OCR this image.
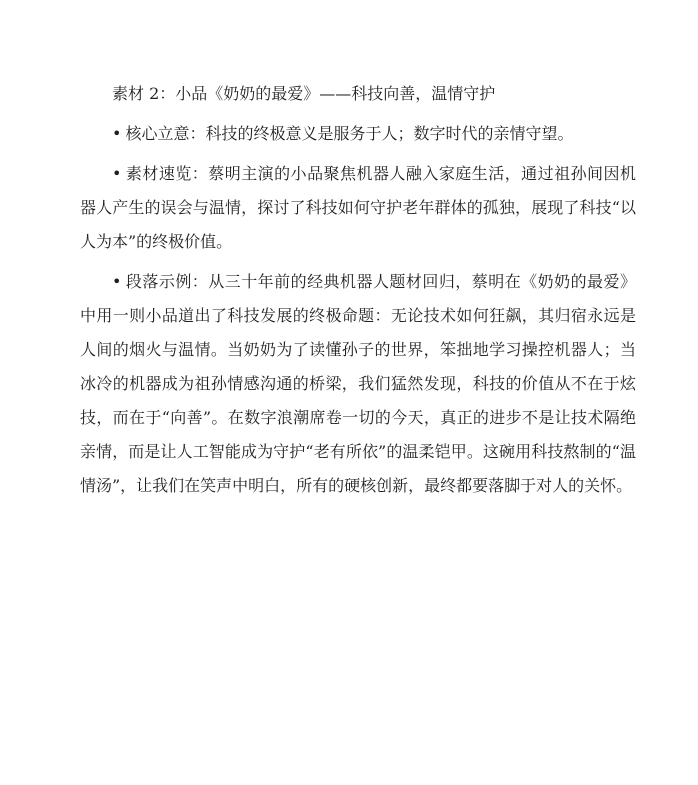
素材 2：小品《奶奶的最爱》——科技向善，温情守护

• 核心立意：科技的终极意义是服务于人；数字时代的亲情守望。

• 素材速览：蔡明主演的小品聚焦机器人融入家庭生活，通过祖孙间因机器人产生的误会与温情，探讨了科技如何守护老年群体的孤独，展现了科技“以人为本”的终极价值。

• 段落示例：从三十年前的经典机器人题材回归，蔡明在《奶奶的最爱》中用一则小品道出了科技发展的终极命题：无论技术如何狂飙，其归宿永远是人间的烟火与温情。当奶奶为了读懂孙子的世界，笨拙地学习操控机器人；当冰冷的机器成为祖孙情感沟通的桥梁，我们猛然发现，科技的价值从不在于炫技，而在于“向善”。在数字浪潮席卷一切的今天，真正的进步不是让技术隔绝亲情，而是让人工智能成为守护“老有所依”的温柔铠甲。这碗用科技熬制的“温情汤”，让我们在笑声中明白，所有的硬核创新，最终都要落脚于对人的关怀。
